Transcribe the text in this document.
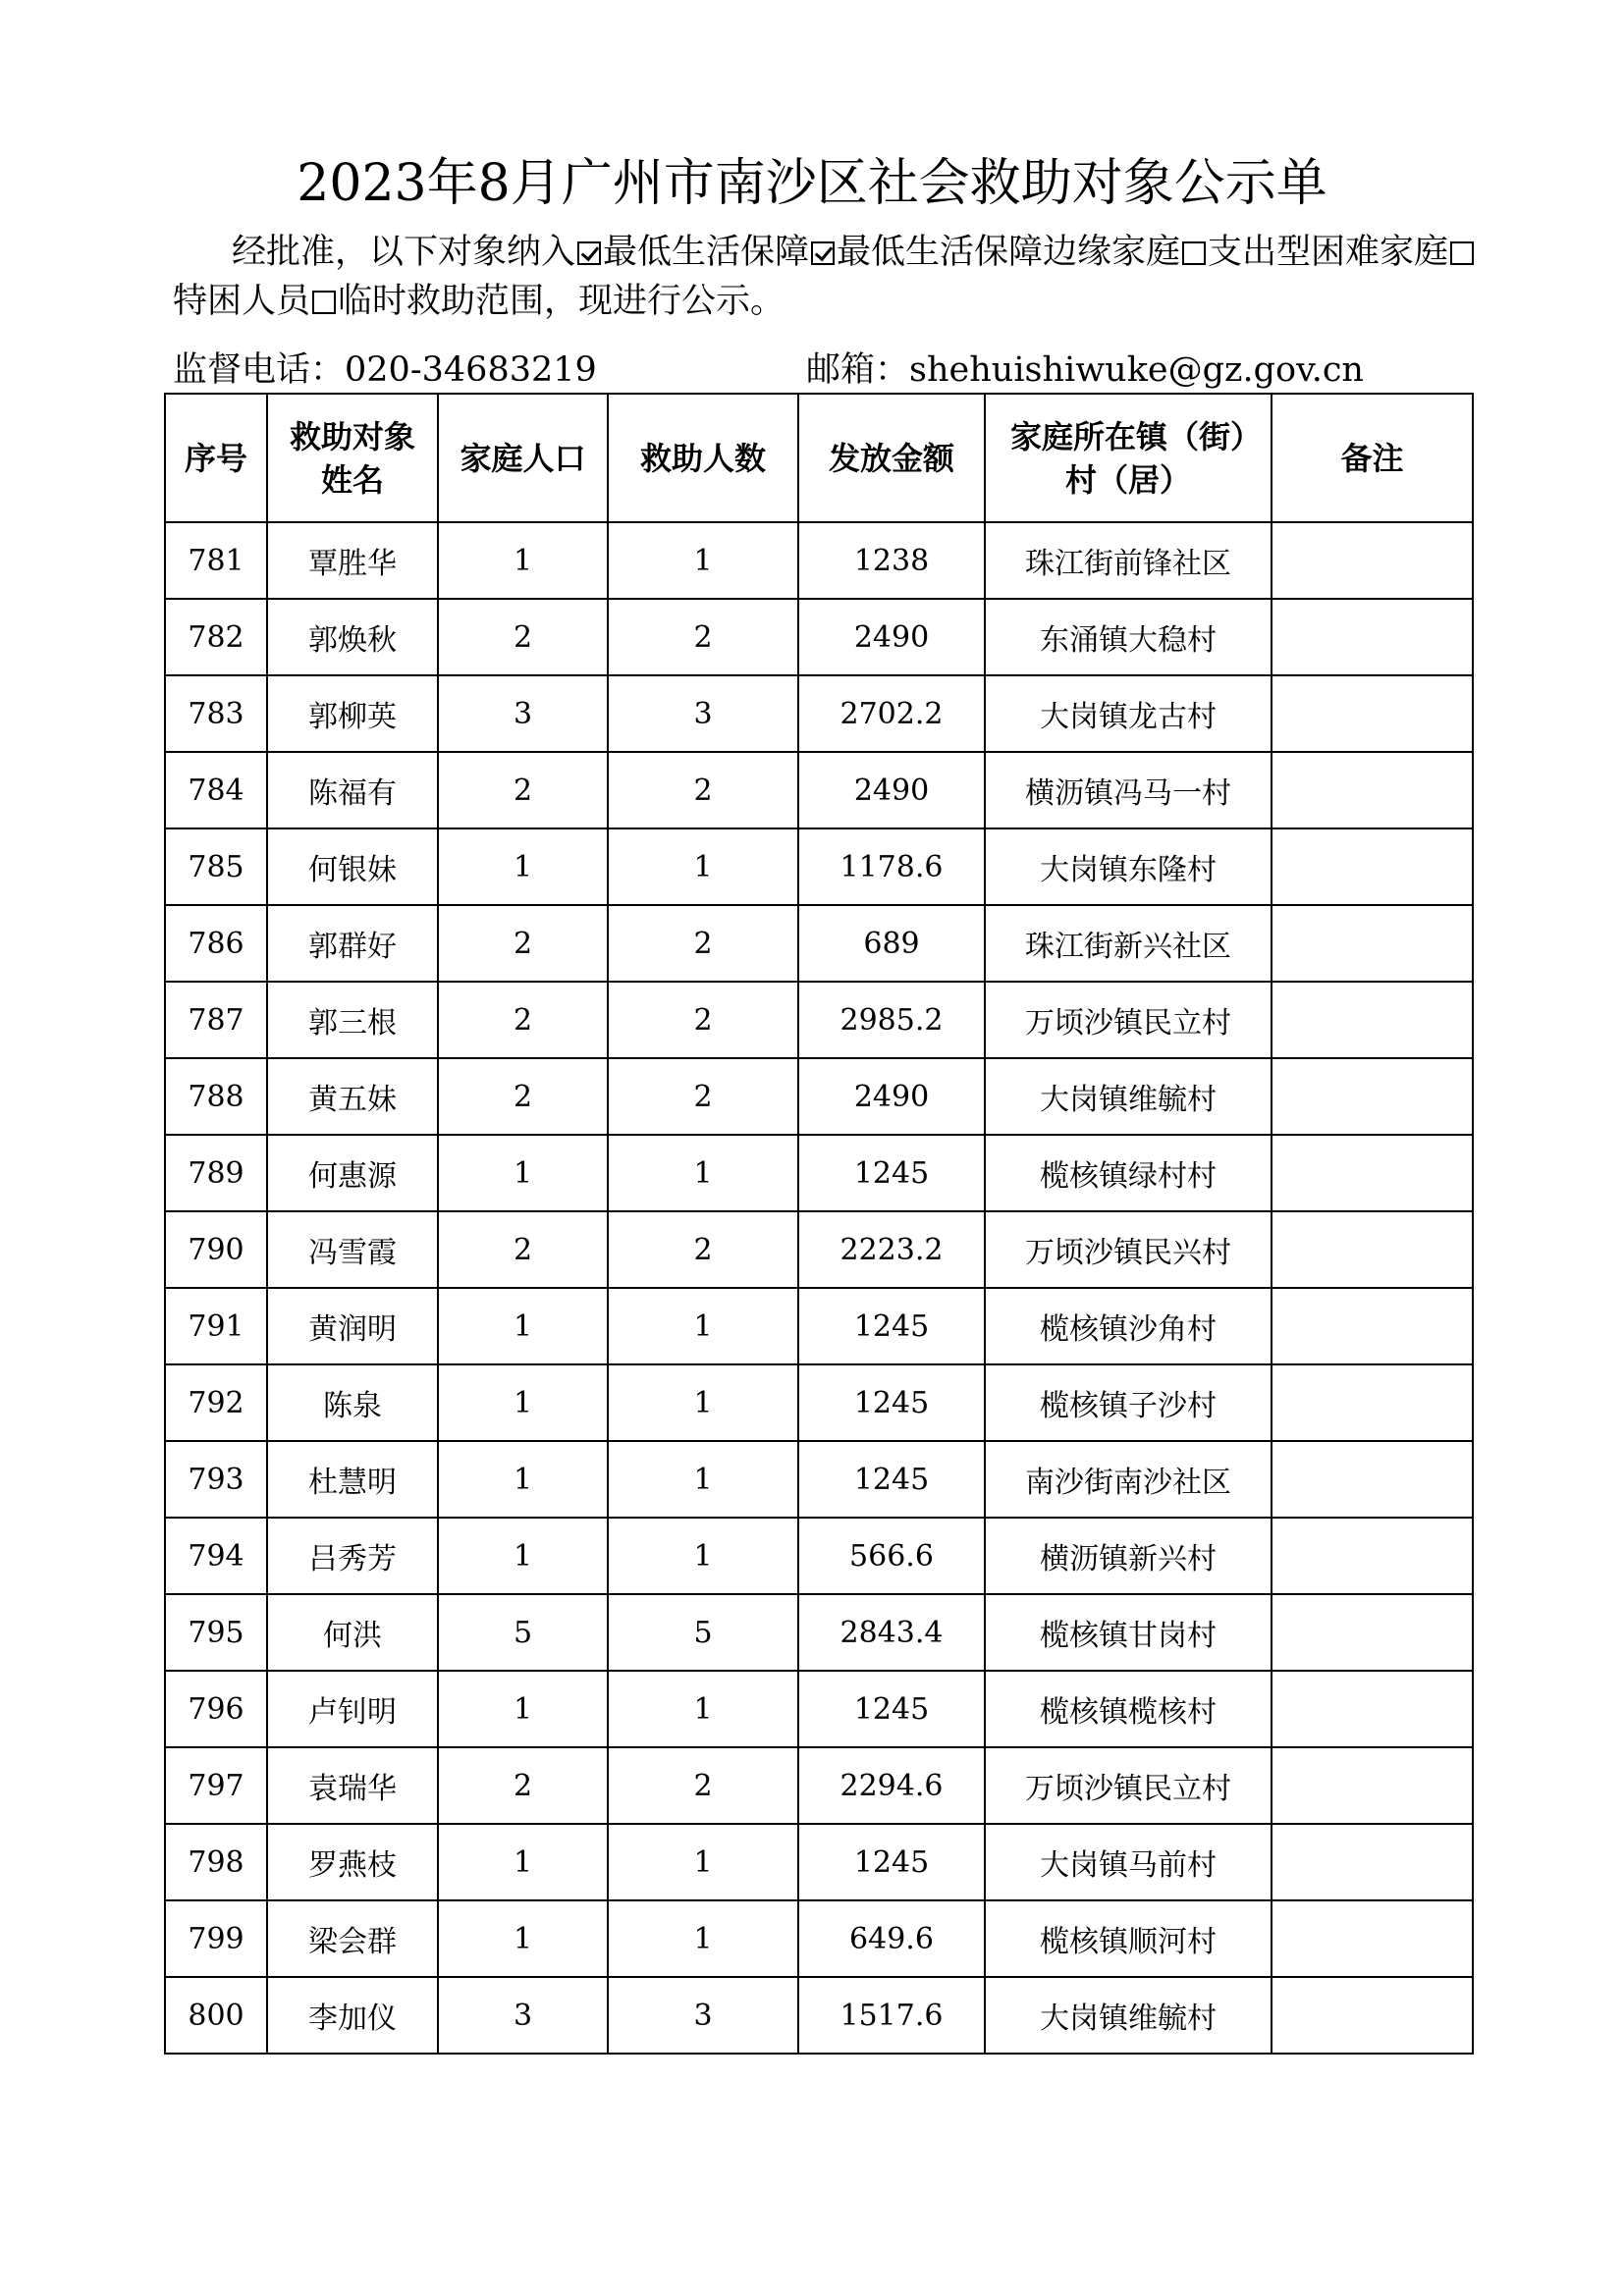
2023年8月广州市南沙区社会救助对象公示单
经批准，以下对象纳入 最低生活保障 最低生活保障边缘家庭 支出型困难家庭特困人员 临时救助范围，现进行公示。
监督电话：020-34683219	邮箱：shehuishiwuke@gz.gov.cn
序号	救助对象姓名	家庭人口	救助人数	发放金额	家庭所在镇（街）村（居）	备注
781	覃胜华	1	1	1238	珠江街前锋社区	
782	郭焕秋	2	2	2490	东涌镇大稳村	
783	郭柳英	3	3	2702.2	大岗镇龙古村	
784	陈福有	2	2	2490	横沥镇冯马一村	
785	何银妹	1	1	1178.6	大岗镇东隆村	
786	郭群好	2	2	689	珠江街新兴社区	
787	郭三根	2	2	2985.2	万顷沙镇民立村	
788	黄五妹	2	2	2490	大岗镇维毓村	
789	何惠源	1	1	1245	榄核镇绿村村	
790	冯雪霞	2	2	2223.2	万顷沙镇民兴村	
791	黄润明	1	1	1245	榄核镇沙角村	
792	陈泉	1	1	1245	榄核镇子沙村	
793	杜慧明	1	1	1245	南沙街南沙社区	
794	吕秀芳	1	1	566.6	横沥镇新兴村	
795	何洪	5	5	2843.4	榄核镇甘岗村	
796	卢钊明	1	1	1245	榄核镇榄核村	
797	袁瑞华	2	2	2294.6	万顷沙镇民立村	
798	罗燕枝	1	1	1245	大岗镇马前村	
799	梁会群	1	1	649.6	榄核镇顺河村	
800	李加仪	3	3	1517.6	大岗镇维毓村	
